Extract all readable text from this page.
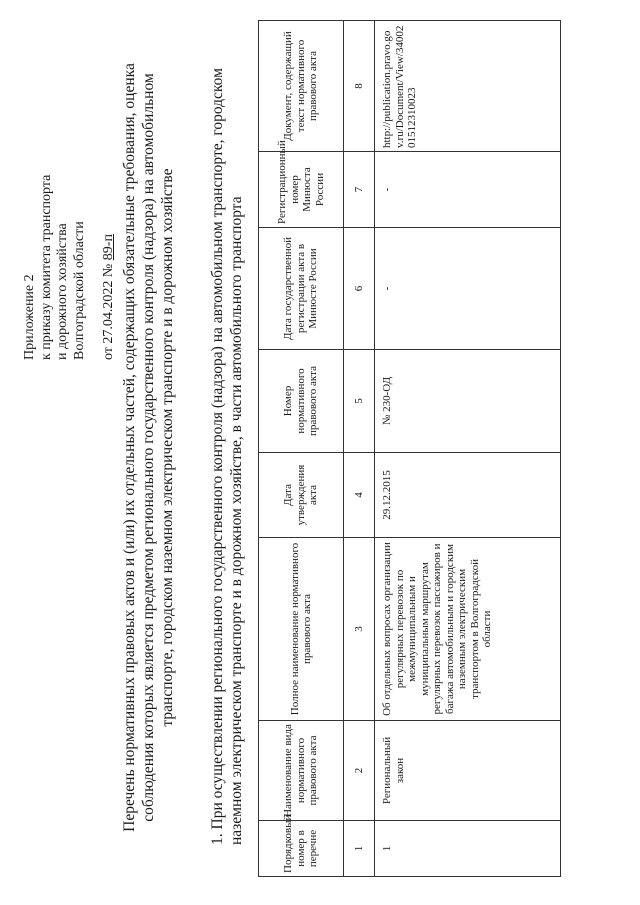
Приложение 2 к приказу комитета транспорта и дорожного хозяйства Волгоградской области от 27.04.2022 № 89-п Перечень нормативных правовых актов и (или) их отдельных частей, содержащих обязательные требования, оценка соблюдения которых является предметом регионального государственного контроля (надзора) на автомобильном транспорте, городском наземном электрическом транспорте и в дорожном хозяйстве 1. При осуществлении регионального государственного контроля (надзора) на автомобильном транспорте, городском наземном электрическом транспорте и в дорожном хозяйстве, в части автомобильного транспорта	Порядковый номер в перечне	Наименование вида нормативного правового акта	Полное наименование нормативного правового акта	Дата утверждения акта	Номер нормативного правового акта	Дата государственной регистрации акта в Минюсте России	Регистрационный номер Минюста России	Документ, содержащий текст нормативного правового акта
1	2	3	4	5	6	7	8
1	Региональный закон	Об отдельных вопросах организации регулярных перевозок по межмуниципальным и муниципальным маршрутам регулярных перевозок пассажиров и багажа автомобильным и городским наземным электрическим транспортом в Волгоградской области	29.12.2015	№ 230-ОД	-	-	http://publication.pravo.gov.ru/Document/View/3400201512310023
